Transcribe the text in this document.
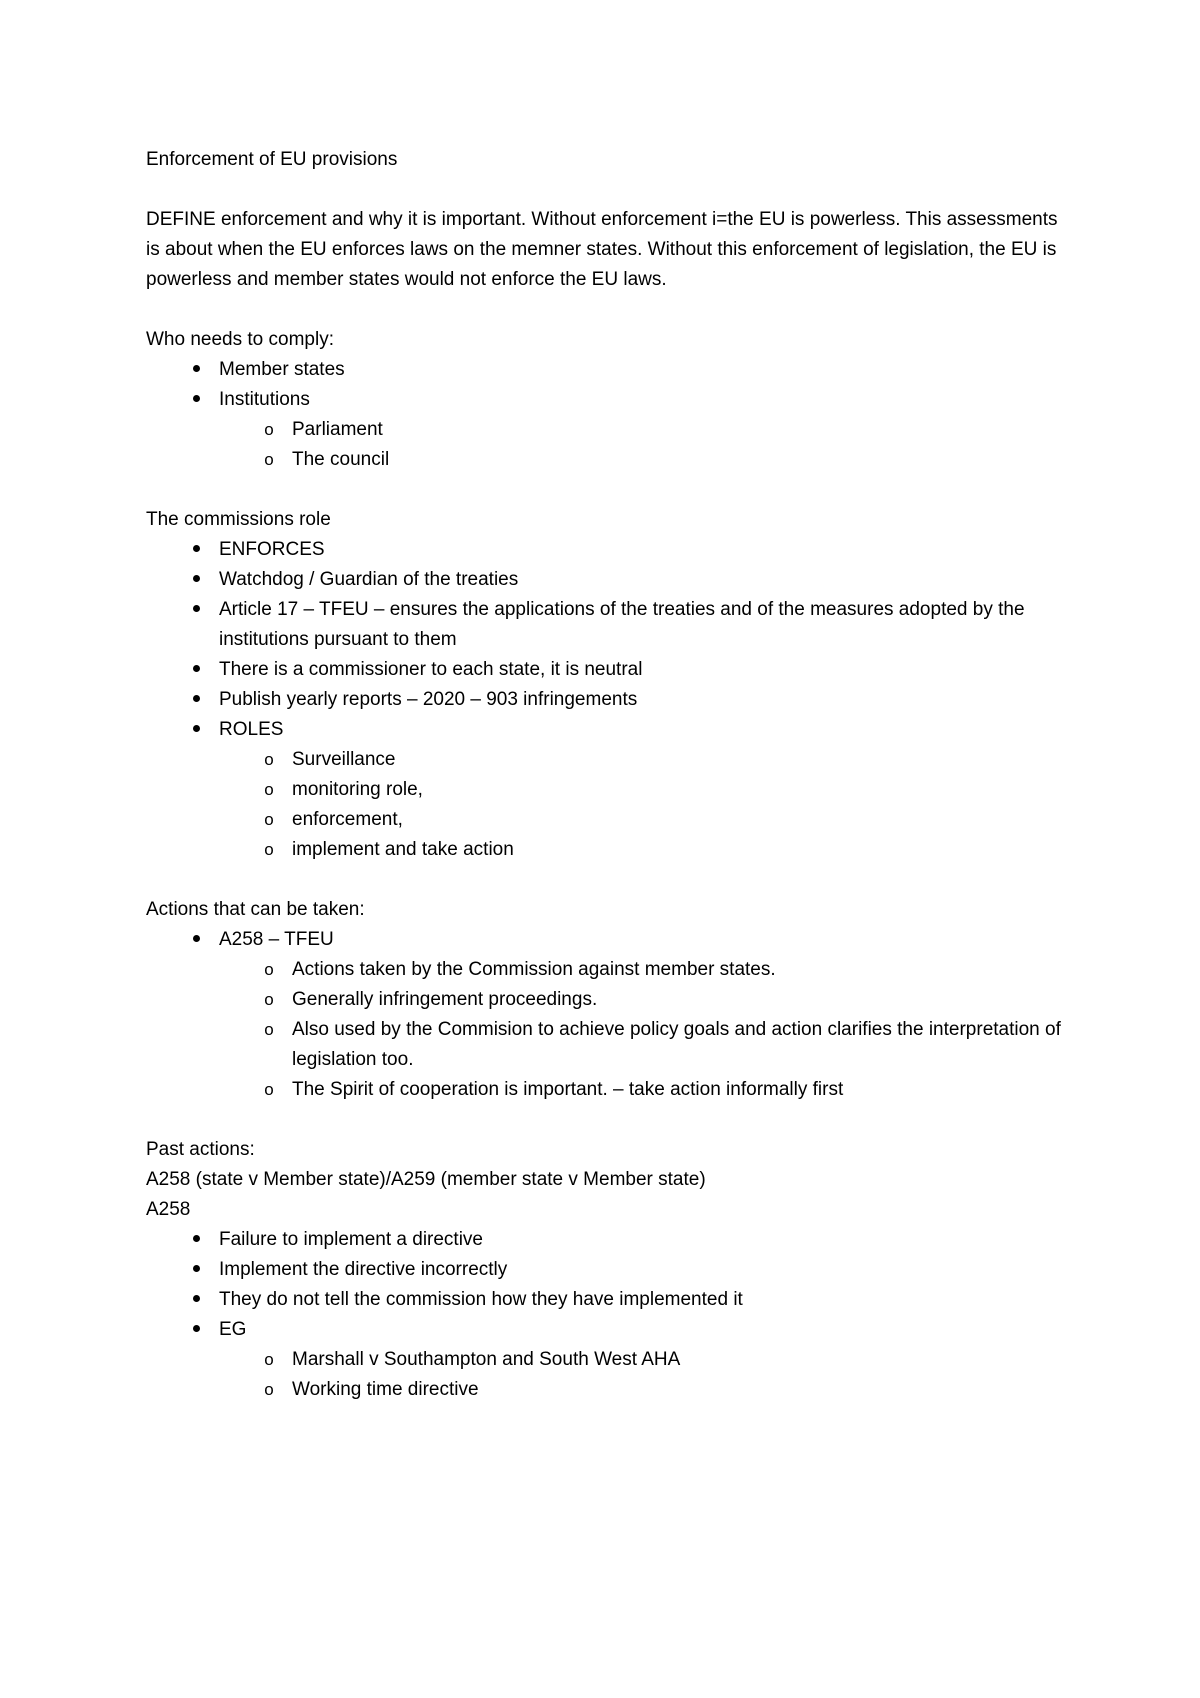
Enforcement of EU provisions

DEFINE enforcement and why it is important. Without enforcement i=the EU is powerless. This assessments is about when the EU enforces laws on the memner states. Without this enforcement of legislation, the EU is powerless and member states would not enforce the EU laws.

Who needs to comply:

Member states
Institutions
o Parliament
o The council

The commissions role

ENFORCES
Watchdog / Guardian of the treaties
Article 17 – TFEU – ensures the applications of the treaties and of the measures adopted by the institutions pursuant to them
There is a commissioner to each state, it is neutral
Publish yearly reports – 2020 – 903 infringements
ROLES
o Surveillance
o monitoring role,
o enforcement,
o implement and take action

Actions that can be taken:

A258 – TFEU
o Actions taken by the Commission against member states.
o Generally infringement proceedings.
o Also used by the Commision to achieve policy goals and action clarifies the interpretation of legislation too.
o The Spirit of cooperation is important. – take action informally first

Past actions:

A258 (state v Member state)/A259 (member state v Member state)

A258

Failure to implement a directive
Implement the directive incorrectly
They do not tell the commission how they have implemented it
EG
o Marshall v Southampton and South West AHA
o Working time directive
